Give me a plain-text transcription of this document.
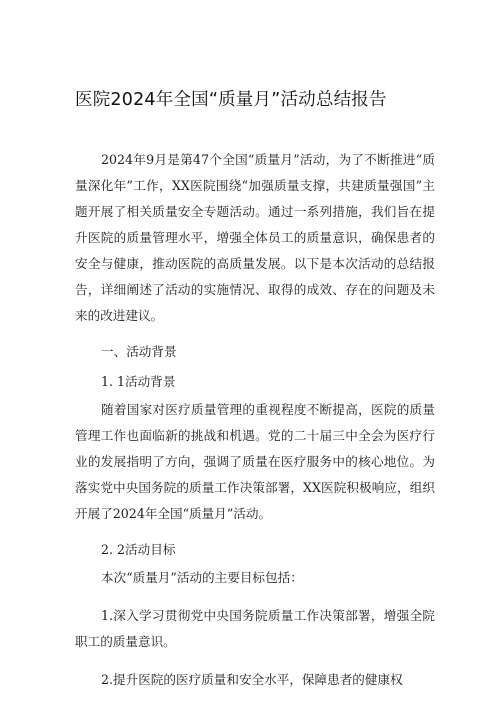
医院2024年全国“质量月”活动总结报告

2024年9月是第47个全国“质量月”活动，为了不断推进“质量深化年”工作，XX医院围绕“加强质量支撑，共建质量强国”主题开展了相关质量安全专题活动。通过一系列措施，我们旨在提升医院的质量管理水平，增强全体员工的质量意识，确保患者的安全与健康，推动医院的高质量发展。以下是本次活动的总结报告，详细阐述了活动的实施情况、取得的成效、存在的问题及未来的改进建议。

一、活动背景
1. 1活动背景

随着国家对医疗质量管理的重视程度不断提高，医院的质量管理工作也面临新的挑战和机遇。党的二十届三中全会为医疗行业的发展指明了方向，强调了质量在医疗服务中的核心地位。为落实党中央国务院的质量工作决策部署，XX医院积极响应，组织开展了2024年全国“质量月”活动。

2. 2活动目标

本次“质量月”活动的主要目标包括：

1.深入学习贯彻党中央国务院质量工作决策部署，增强全院职工的质量意识。

2.提升医院的医疗质量和安全水平，保障患者的健康权
